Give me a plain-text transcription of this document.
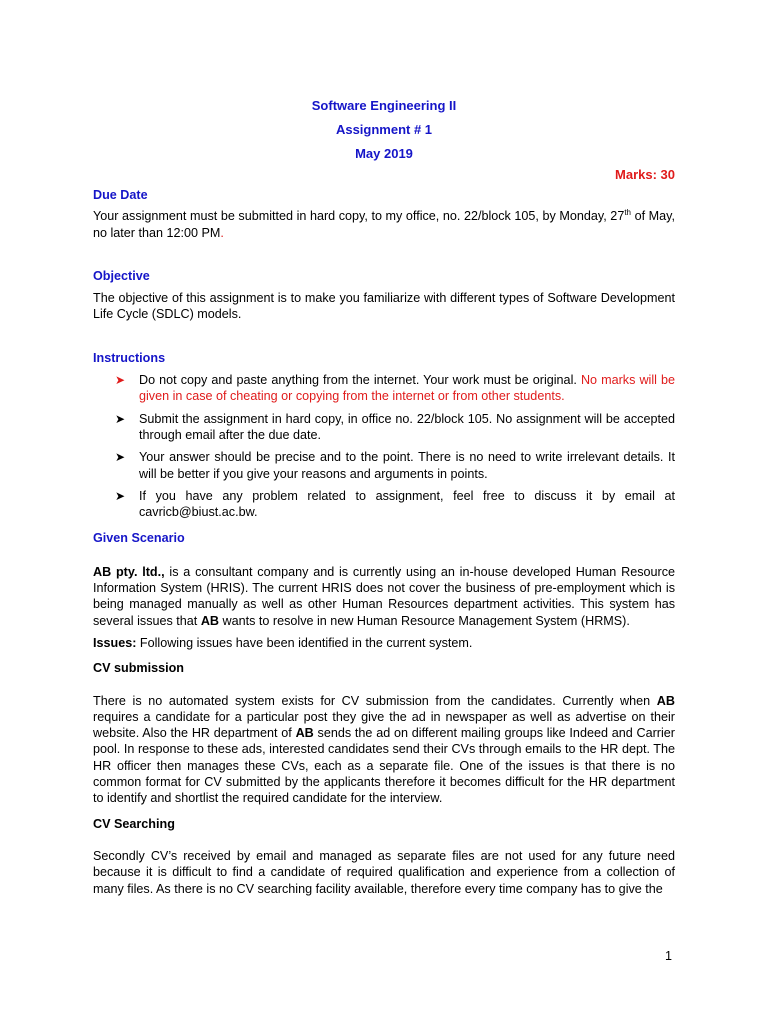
Software Engineering II
Assignment # 1
May 2019
Marks: 30
Due Date

Your assignment must be submitted in hard copy, to my office, no. 22/block 105, by Monday, 27th of May, no later than 12:00 PM.

Objective

The objective of this assignment is to make you familiarize with different types of Software Development Life Cycle (SDLC) models.

Instructions
➤	Do not copy and paste anything from the internet. Your work must be original. No marks will be given in case of cheating or copying from the internet or from other students.
➤	Submit the assignment in hard copy, in office no. 22/block 105. No assignment will be accepted through email after the due date.
➤	Your answer should be precise and to the point. There is no need to write irrelevant details. It will be better if you give your reasons and arguments in points.
➤	If you have any problem related to assignment, feel free to discuss it by email at cavricb@biust.ac.bw.
Given Scenario

AB pty. ltd., is a consultant company and is currently using an in-house developed Human Resource Information System (HRIS). The current HRIS does not cover the business of pre-employment which is being managed manually as well as other Human Resources department activities. This system has several issues that AB wants to resolve in new Human Resource Management System (HRMS).

Issues: Following issues have been identified in the current system.

CV submission

There is no automated system exists for CV submission from the candidates. Currently when AB requires a candidate for a particular post they give the ad in newspaper as well as advertise on their website. Also the HR department of AB sends the ad on different mailing groups like Indeed and Carrier pool. In response to these ads, interested candidates send their CVs through emails to the HR dept. The HR officer then manages these CVs, each as a separate file. One of the issues is that there is no common format for CV submitted by the applicants therefore it becomes difficult for the HR department to identify and shortlist the required candidate for the interview.

CV Searching

Secondly CV’s received by email and managed as separate files are not used for any future need because it is difficult to find a candidate of required qualification and experience from a collection of many files. As there is no CV searching facility available, therefore every time company has to give the

1
